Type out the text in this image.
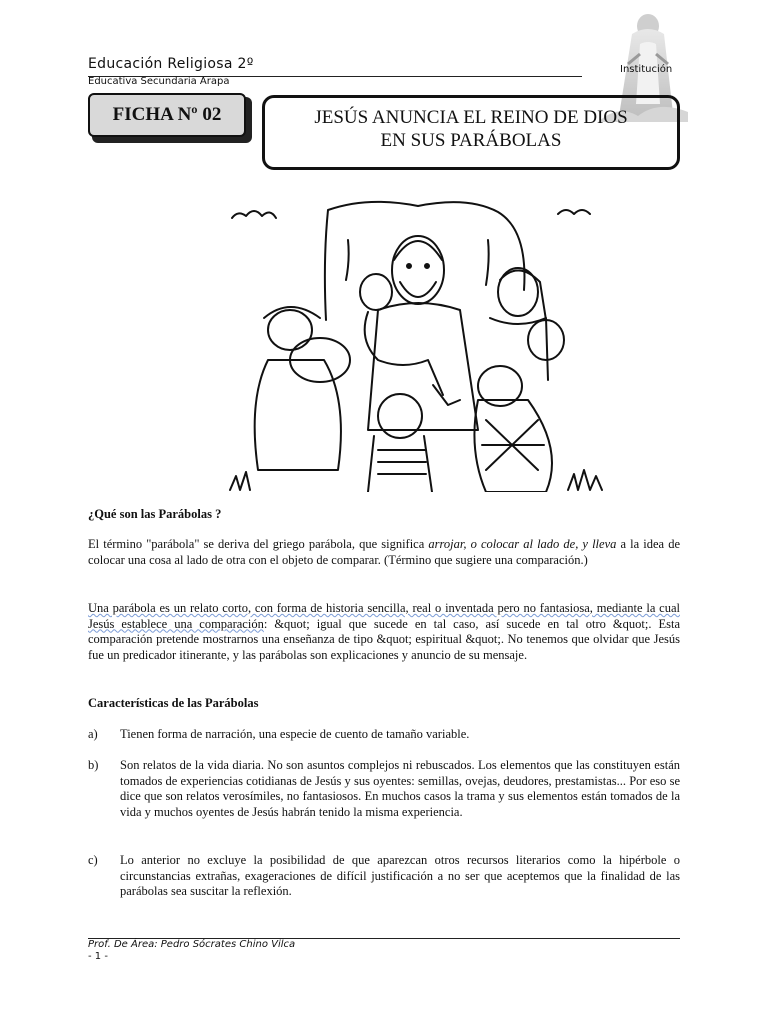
Educación Religiosa 2º
Educativa Secundaria Arapa
Institución
FICHA Nº 02	JESÚS ANUNCIA EL REINO DE DIOS
EN SUS PARÁBOLAS
¿Qué son las Parábolas ?
El término "parábola" se deriva del griego parábola, que significa arrojar, o colocar al lado de, y lleva a la idea de colocar una cosa al lado de otra con el objeto de comparar. (Término que sugiere una comparación.)
Una parábola es un relato corto, con forma de historia sencilla, real o inventada pero no fantasiosa, mediante la cual Jesús establece una comparación: &quot; igual que sucede en tal caso, así sucede en tal otro &quot;. Esta comparación pretende mostrarnos una enseñanza de tipo &quot; espiritual &quot;. No tenemos que olvidar que Jesús fue un predicador itinerante, y las parábolas son explicaciones y anuncio de su mensaje.
Características de las Parábolas
a)	Tienen forma de narración, una especie de cuento de tamaño variable.
b)	Son relatos de la vida diaria. No son asuntos complejos ni rebuscados. Los elementos que las constituyen están tomados de experiencias cotidianas de Jesús y sus oyentes: semillas, ovejas, deudores, prestamistas... Por eso se dice que son relatos verosímiles, no fantasiosos. En muchos casos la trama y sus elementos están tomados de la vida y muchos oyentes de Jesús habrán tenido la misma experiencia.
c)	Lo anterior no excluye la posibilidad de que aparezcan otros recursos literarios como la hipérbole o circunstancias extrañas, exageraciones de difícil justificación a no ser que aceptemos que la finalidad de las parábolas sea suscitar la reflexión.
Prof. De Área: Pedro Sócrates Chino Vilca
- 1 -
